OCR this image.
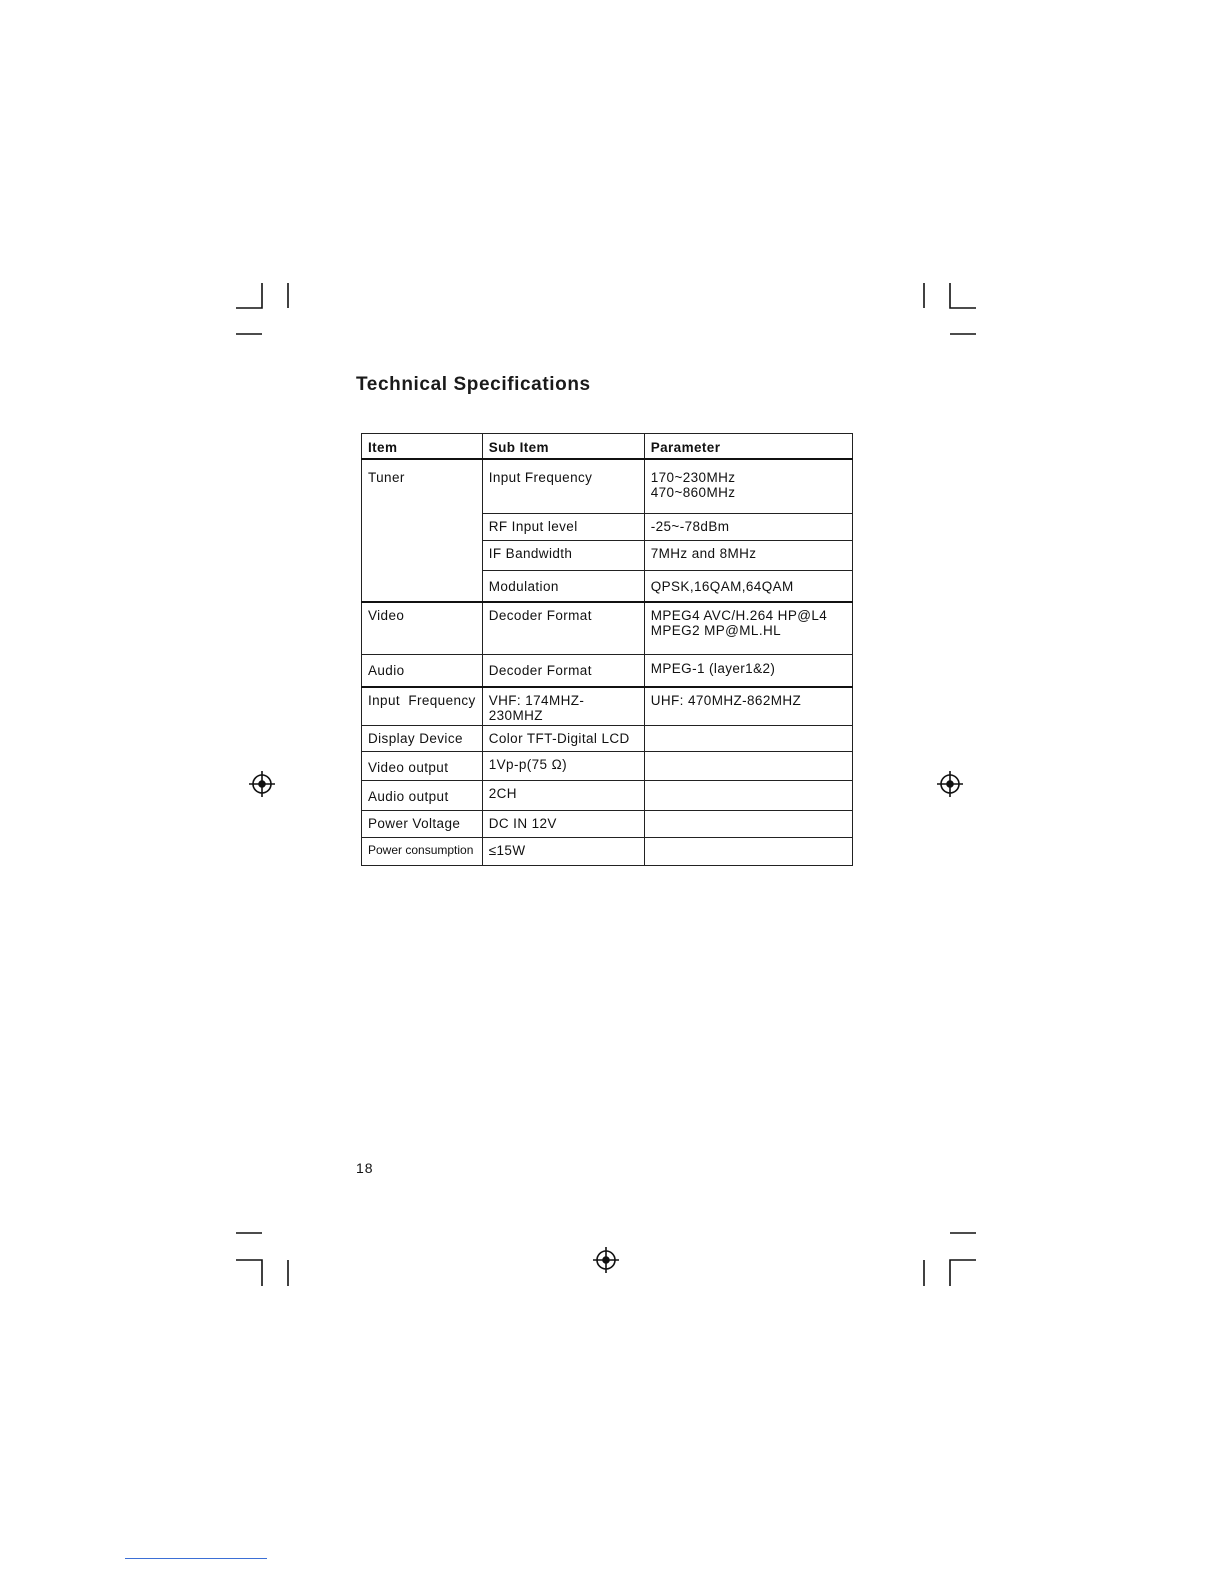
Technical Specifications
Item	Sub Item	Parameter
Tuner	Input Frequency	170~230MHz
470~860MHz

	RF Input level	-25~-78dBm

	IF Bandwidth	7MHz and 8MHz

	Modulation	QPSK,16QAM,64QAM

Video	Decoder Format	MPEG4 AVC/H.264 HP@L4
MPEG2 MP@ML.HL

Audio	Decoder Format	MPEG-1 (layer1&2)

Input  Frequency	VHF: 174MHZ-230MHZ	UHF: 470MHZ-862MHZ

Display Device	Color TFT-Digital LCD	

Video output	1Vp-p(75 Ω)	

Audio output	2CH	

Power Voltage	DC IN 12V	

Power consumption	≤15W	
18
